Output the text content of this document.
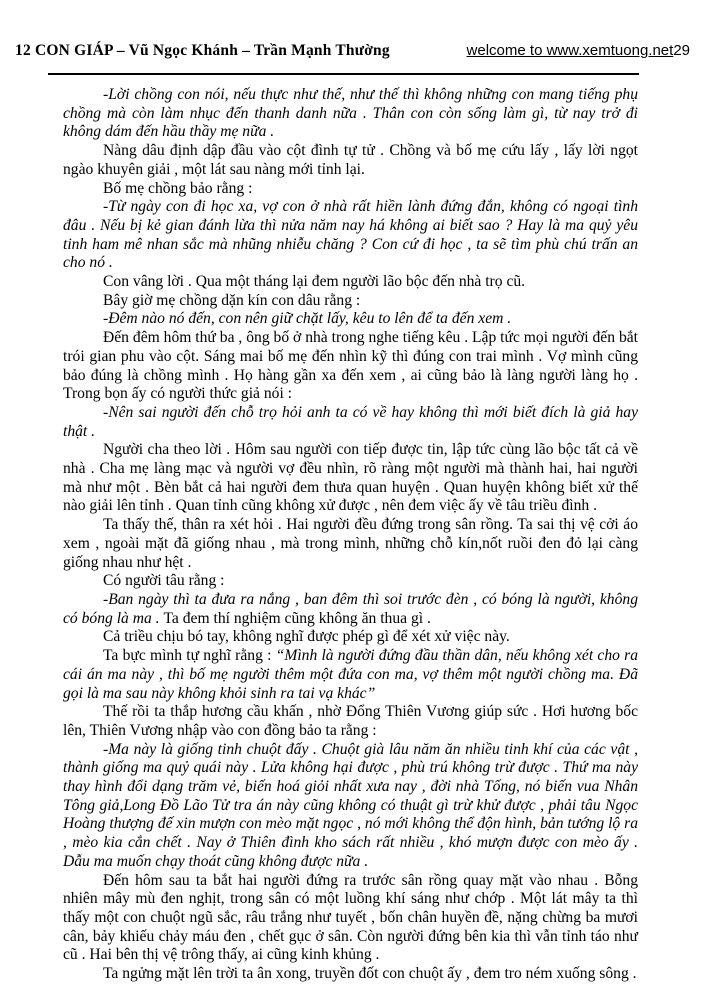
12 CON GIÁP – Vũ Ngọc Khánh – Trần Mạnh Thường	welcome to www.xemtuong.net 29

-Lời chồng con nói, nếu thực như thế, như thế thì không những con mang tiếng phụ chồng mà còn làm nhục đến thanh danh nữa . Thân con còn sống làm gì, từ nay trở đi không dám đến hầu thầy mẹ nữa .

Nàng dâu định dập đầu vào cột đình tự tử . Chồng và bố mẹ cứu lấy , lấy lời ngọt ngào khuyên giải , một lát sau nàng mới tỉnh lại.

Bố mẹ chồng bảo rằng :

-Từ ngày con đi học xa, vợ con ở nhà rất hiền lành đứng đắn, không có ngoại tình đâu . Nếu bị kẻ gian đánh lừa thì nửa năm nay há không ai biết sao ? Hay là ma quỷ yêu tinh ham mê nhan sắc mà nhũng nhiễu chăng ? Con cứ đi học , ta sẽ tìm phù chú trấn an cho nó .

Con vâng lời . Qua một tháng lại đem người lão bộc đến nhà trọ cũ.

Bây giờ mẹ chồng dặn kín con dâu rằng :

-Đêm nào nó đến, con nên giữ chặt lấy, kêu to lên để ta đến xem .

Đến đêm hôm thứ ba , ông bố ở nhà trong nghe tiếng kêu . Lập tức mọi người đến bắt trói gian phu vào cột. Sáng mai bố mẹ đến nhìn kỹ thì đúng con trai mình . Vợ mình cũng bảo đúng là chồng mình . Họ hàng gần xa đến xem , ai cũng bảo là làng người làng họ . Trong bọn ấy có người thức giả nói :

-Nên sai người đến chỗ trọ hỏi anh ta có về hay không thì mới biết đích là giả hay thật .

Người cha theo lời . Hôm sau người con tiếp được tin, lập tức cùng lão bộc tất cả về nhà . Cha mẹ làng mạc và người vợ đều nhìn, rõ ràng một người mà thành hai, hai người mà như một . Bèn bắt cả hai người đem thưa quan huyện . Quan huyện không biết xử thế nào giải lên tỉnh . Quan tỉnh cũng không xử được , nên đem việc ấy về tâu triều đình .

Ta thấy thế, thân ra xét hỏi . Hai người đều đứng trong sân rồng. Ta sai thị vệ cởi áo xem , ngoài mặt đã giống nhau , mà trong mình, những chỗ kín,nốt ruồi đen đỏ lại càng giống nhau như hệt .

Có người tâu rằng :

-Ban ngày thì ta đưa ra nắng , ban đêm thì soi trước đèn , có bóng là người, không có bóng là ma . Ta đem thí nghiệm cũng không ăn thua gì .

Cả triều chịu bó tay, không nghĩ được phép gì để xét xử việc này.

Ta bực mình tự nghĩ rằng : “Mình là người đứng đầu thần dân, nếu không xét cho ra cái án ma này , thì bố mẹ người thêm một đứa con ma, vợ thêm một người chồng ma. Đã gọi là ma sau này không khỏi sinh ra tai vạ khác”

Thế rồi ta thắp hương cầu khấn , nhờ Đổng Thiên Vương giúp sức . Hơi hương bốc lên, Thiên Vương nhập vào con đồng bảo ta rằng :

-Ma này là giống tinh chuột đấy . Chuột già lâu năm ăn nhiều tinh khí của các vật , thành giống ma quỷ quái này . Lửa không hại được , phù trú không trừ được . Thứ ma này thay hình đổi dạng trăm vẻ, biến hoá giỏi nhất xưa nay , đời nhà Tống, nó biến vua Nhân Tông giả,Long Đồ Lão Tử tra án này cũng không có thuật gì trừ khử được , phải tâu Ngọc Hoàng thượng đế xin mượn con mèo mặt ngọc , nó mới không thể độn hình, bản tướng lộ ra , mèo kia cắn chết . Nay ở Thiên đình kho sách rất nhiều , khó mượn được con mèo ấy . Dẫu ma muốn chạy thoát cũng không được nữa .

Đến hôm sau ta bắt hai người đứng ra trước sân rồng quay mặt vào nhau . Bỗng nhiên mây mù đen nghịt, trong sân có một luồng khí sáng như chớp . Một lát mây ta thì thấy một con chuột ngũ sắc, râu trắng như tuyết , bốn chân huyền đề, nặng chừng ba mươi cân, bảy khiếu chảy máu đen , chết gục ở sân. Còn người đứng bên kia thì vẫn tỉnh táo như cũ . Hai bên thị vệ trông thấy, ai cũng kinh khủng .

Ta ngửng mặt lên trời ta ân xong, truyền đốt con chuột ấy , đem tro ném xuống sông .
